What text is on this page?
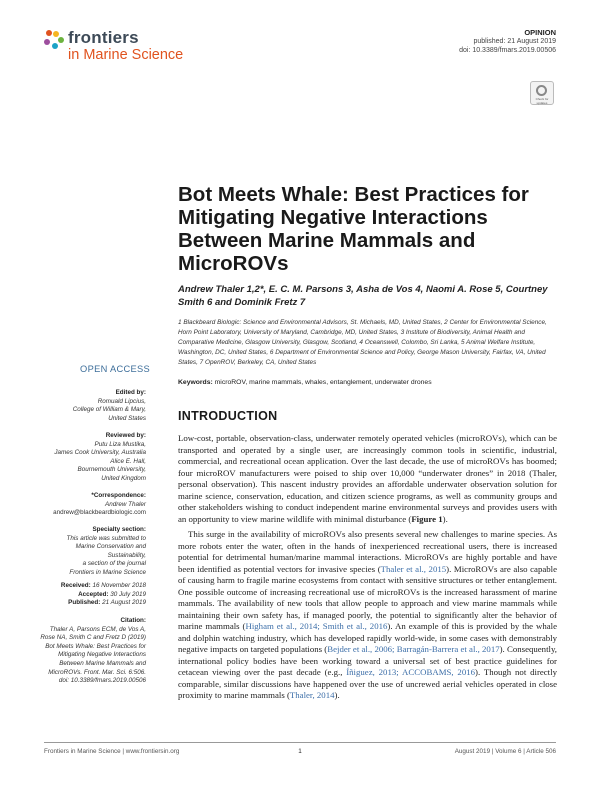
frontiers
in Marine Science
OPINION
published: 21 August 2019
doi: 10.3389/fmars.2019.00506
Check for updates
Bot Meets Whale: Best Practices for Mitigating Negative Interactions Between Marine Mammals and MicroROVs
Andrew Thaler 1,2*, E. C. M. Parsons 3, Asha de Vos 4, Naomi A. Rose 5, Courtney Smith 6 and Dominik Fretz 7
1 Blackbeard Biologic: Science and Environmental Advisors, St. Michaels, MD, United States, 2 Center for Environmental Science, Horn Point Laboratory, University of Maryland, Cambridge, MD, United States, 3 Institute of Biodiversity, Animal Health and Comparative Medicine, Glasgow University, Glasgow, Scotland, 4 Oceanswell, Colombo, Sri Lanka, 5 Animal Welfare Institute, Washington, DC, United States, 6 Department of Environmental Science and Policy, George Mason University, Fairfax, VA, United States, 7 OpenROV, Berkeley, CA, United States
Keywords: microROV, marine mammals, whales, entanglement, underwater drones
OPEN ACCESS
Edited by:
Romuald Lipcius,
College of William & Mary,
United States
Reviewed by:
Putu Liza Mustika,
James Cook University, Australia
Alice E. Hall,
Bournemouth University,
United Kingdom
*Correspondence:
Andrew Thaler
andrew@blackbeardbiologic.com
Specialty section:
This article was submitted to
Marine Conservation and
Sustainability,
a section of the journal
Frontiers in Marine Science
Received: 16 November 2018
Accepted: 30 July 2019
Published: 21 August 2019
Citation:
Thaler A, Parsons ECM, de Vos A,
Rose NA, Smith C and Fretz D (2019)
Bot Meets Whale: Best Practices for
Mitigating Negative Interactions
Between Marine Mammals and
MicroROVs. Front. Mar. Sci. 6:506.
doi: 10.3389/fmars.2019.00506
INTRODUCTION

Low-cost, portable, observation-class, underwater remotely operated vehicles (microROVs), which can be transported and operated by a single user, are increasingly common tools in scientific, industrial, commercial, and recreational ocean application. Over the last decade, the use of microROVs has boomed; four microROV manufacturers were poised to ship over 10,000 “underwater drones” in 2018 (Thaler, personal observation). This nascent industry provides an affordable underwater observation solution for marine science, conservation, education, and citizen science programs, as well as community groups and other stakeholders wishing to conduct independent marine environmental surveys and provides users with an opportunity to view marine wildlife with minimal disturbance (Figure 1).

This surge in the availability of microROVs also presents several new challenges to marine species. As more robots enter the water, often in the hands of inexperienced recreational users, there is increased potential for detrimental human/marine mammal interactions. MicroROVs are highly portable and have been identified as potential vectors for invasive species (Thaler et al., 2015). MicroROVs are also capable of causing harm to fragile marine ecosystems from contact with sensitive structures or tether entanglement. One possible outcome of increasing recreational use of microROVs is the increased harassment of marine mammals. The availability of new tools that allow people to approach and view marine mammals while maintaining their own safety has, if managed poorly, the potential to significantly alter the behavior of marine mammals (Higham et al., 2014; Smith et al., 2016). An example of this is provided by the whale and dolphin watching industry, which has developed rapidly world-wide, in some cases with demonstrably negative impacts on targeted populations (Bejder et al., 2006; Barragán-Barrera et al., 2017). Consequently, international policy bodies have been working toward a universal set of best practice guidelines for cetacean viewing over the past decade (e.g., Íñiguez, 2013; ACCOBAMS, 2016). Though not directly comparable, similar discussions have happened over the use of uncrewed aerial vehicles operated in close proximity to marine mammals (Thaler, 2014).

Frontiers in Marine Science | www.frontiersin.org	1	August 2019 | Volume 6 | Article 506
